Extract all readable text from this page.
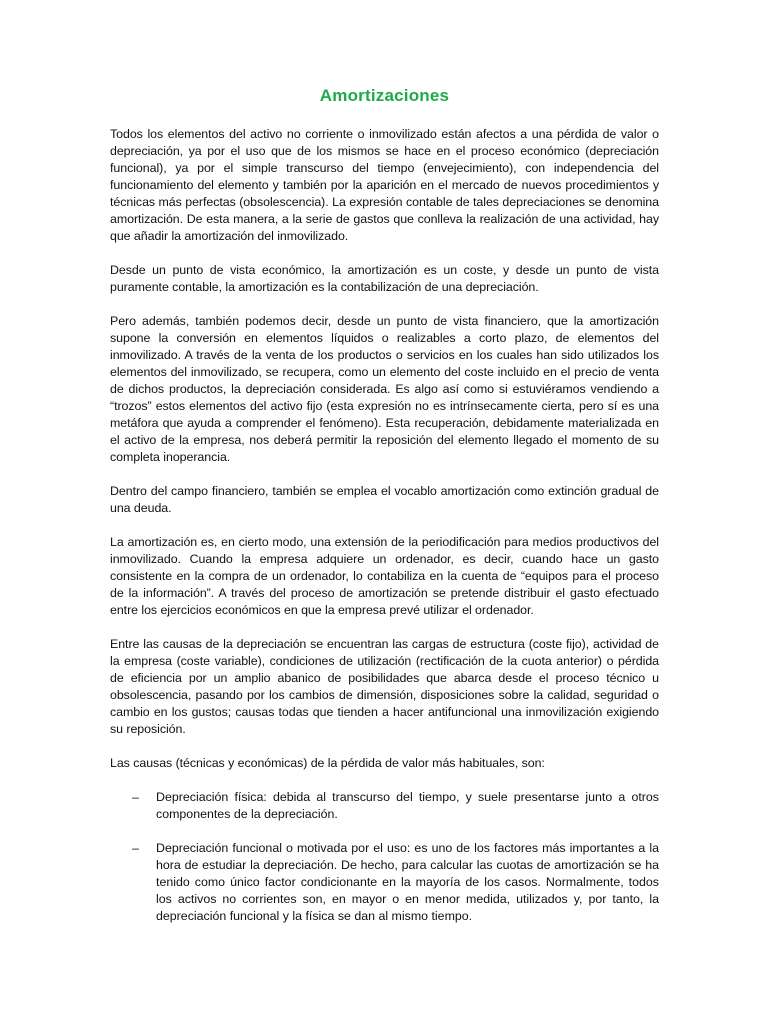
Amortizaciones

Todos los elementos del activo no corriente o inmovilizado están afectos a una pérdida de valor o depreciación, ya por el uso que de los mismos se hace en el proceso económico (depreciación funcional), ya por el simple transcurso del tiempo (envejecimiento), con independencia del funcionamiento del elemento y también por la aparición en el mercado de nuevos procedimientos y técnicas más perfectas (obsolescencia). La expresión contable de tales depreciaciones se denomina amortización. De esta manera, a la serie de gastos que conlleva la realización de una actividad, hay que añadir la amortización del inmovilizado.

Desde un punto de vista económico, la amortización es un coste, y desde un punto de vista puramente contable, la amortización es la contabilización de una depreciación.

Pero además, también podemos decir, desde un punto de vista financiero, que la amortización supone la conversión en elementos líquidos o realizables a corto plazo, de elementos del inmovilizado. A través de la venta de los productos o servicios en los cuales han sido utilizados los elementos del inmovilizado, se recupera, como un elemento del coste incluido en el precio de venta de dichos productos, la depreciación considerada. Es algo así como si estuviéramos vendiendo a “trozos” estos elementos del activo fijo (esta expresión no es intrínsecamente cierta, pero sí es una metáfora que ayuda a comprender el fenómeno). Esta recuperación, debidamente materializada en el activo de la empresa, nos deberá permitir la reposición del elemento llegado el momento de su completa inoperancia.

Dentro del campo financiero, también se emplea el vocablo amortización como extinción gradual de una deuda.

La amortización es, en cierto modo, una extensión de la periodificación para medios productivos del inmovilizado. Cuando la empresa adquiere un ordenador, es decir, cuando hace un gasto consistente en la compra de un ordenador, lo contabiliza en la cuenta de “equipos para el proceso de la información”. A través del proceso de amortización se pretende distribuir el gasto efectuado entre los ejercicios económicos en que la empresa prevé utilizar el ordenador.

Entre las causas de la depreciación se encuentran las cargas de estructura (coste fijo), actividad de la empresa (coste variable), condiciones de utilización (rectificación de la cuota anterior) o pérdida de eficiencia por un amplio abanico de posibilidades que abarca desde el proceso técnico u obsolescencia, pasando por los cambios de dimensión, disposiciones sobre la calidad, seguridad o cambio en los gustos; causas todas que tienden a hacer antifuncional una inmovilización exigiendo su reposición.

Las causas (técnicas y económicas) de la pérdida de valor más habituales, son:

– Depreciación física: debida al transcurso del tiempo, y suele presentarse junto a otros componentes de la depreciación.
– Depreciación funcional o motivada por el uso: es uno de los factores más importantes a la hora de estudiar la depreciación. De hecho, para calcular las cuotas de amortización se ha tenido como único factor condicionante en la mayoría de los casos. Normalmente, todos los activos no corrientes son, en mayor o en menor medida, utilizados y, por tanto, la depreciación funcional y la física se dan al mismo tiempo.
